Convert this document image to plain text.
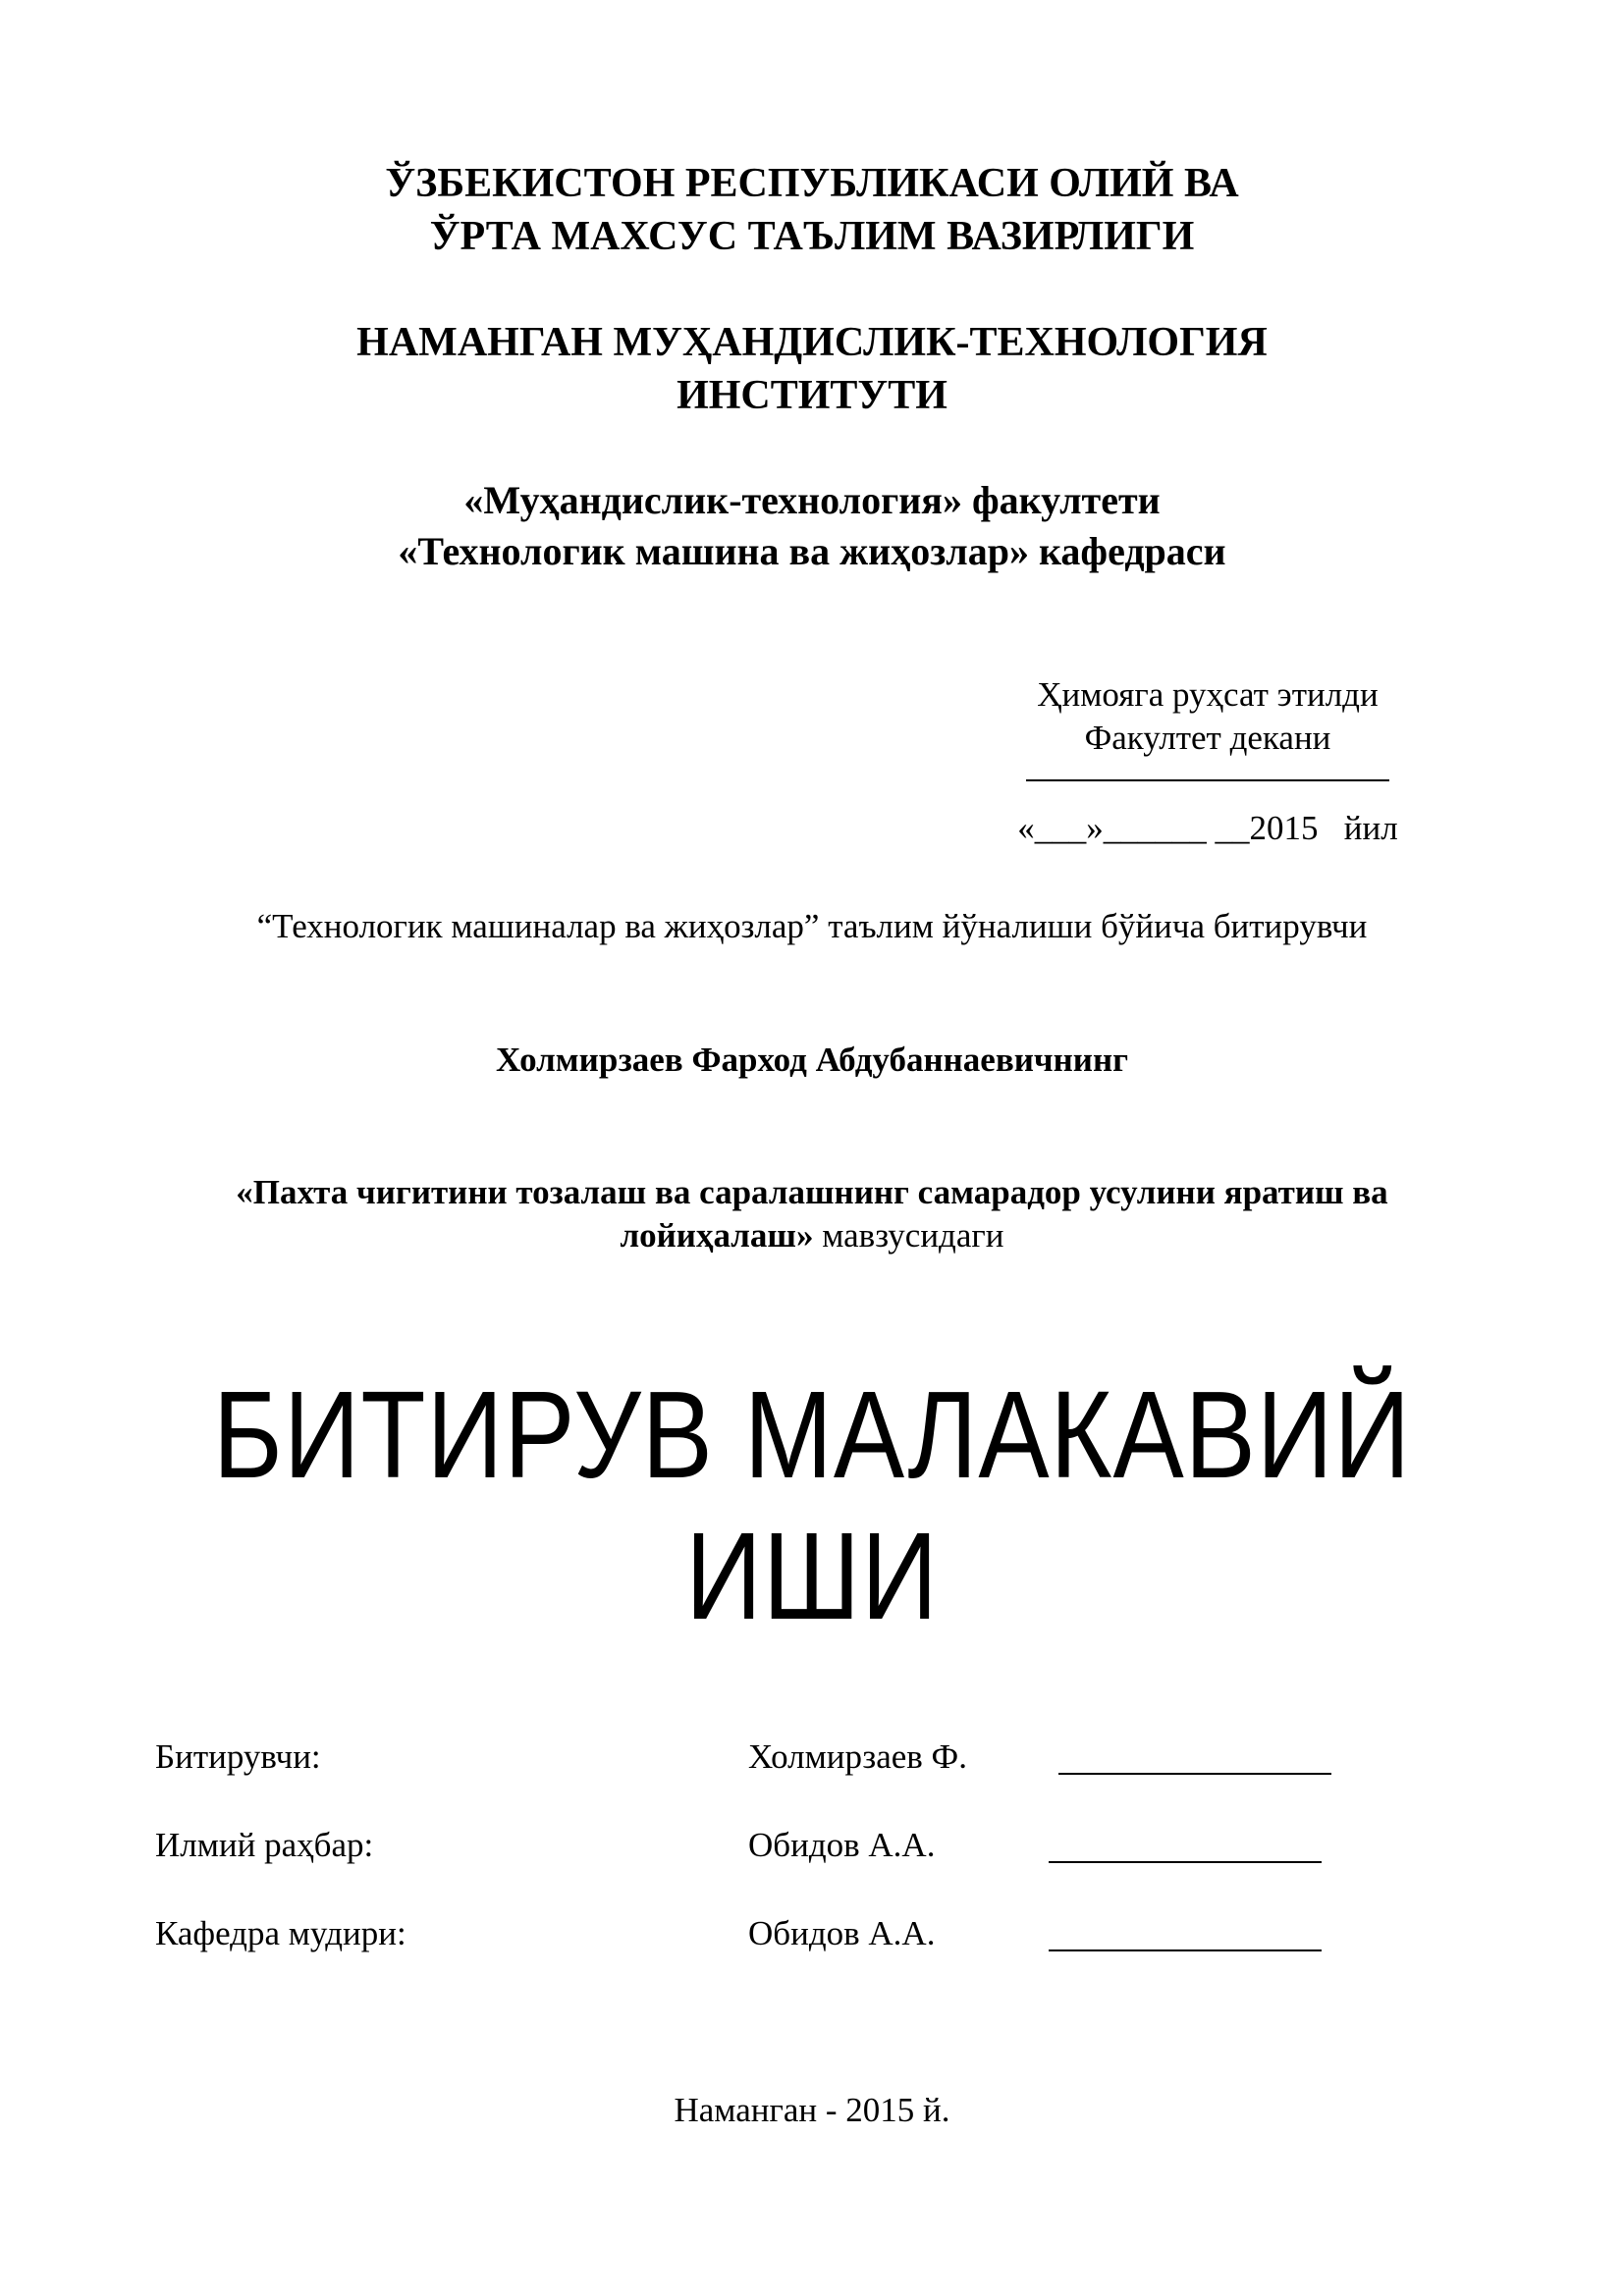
ЎЗБЕКИСТОН РЕСПУБЛИКАСИ ОЛИЙ ВА
ЎРТА МАХСУС ТАЪЛИМ ВАЗИРЛИГИ
НАМАНГАН МУҲАНДИСЛИК-ТЕХНОЛОГИЯ
ИНСТИТУТИ
«Муҳандислик-технология» факултети
«Технологик машина ва жиҳозлар» кафедраси
Ҳимояга руҳсат этилди
Факултет декани
«___»______ __2015   йил
“Технологик машиналар ва жиҳозлар” таълим йўналиши бўйича битирувчи
Холмирзаев Фарход Абдубаннаевичнинг
«Пахта чигитини тозалаш ва саралашнинг самарадор усулини яратиш ва лойиҳалаш» мавзусидаги
БИТИРУВ МАЛАКАВИЙ
ИШИ
Битирувчи:	Холмирзаев Ф.
Илмий раҳбар:	Обидов А.А.
Кафедра мудири:	Обидов А.А.
Наманган - 2015 й.
